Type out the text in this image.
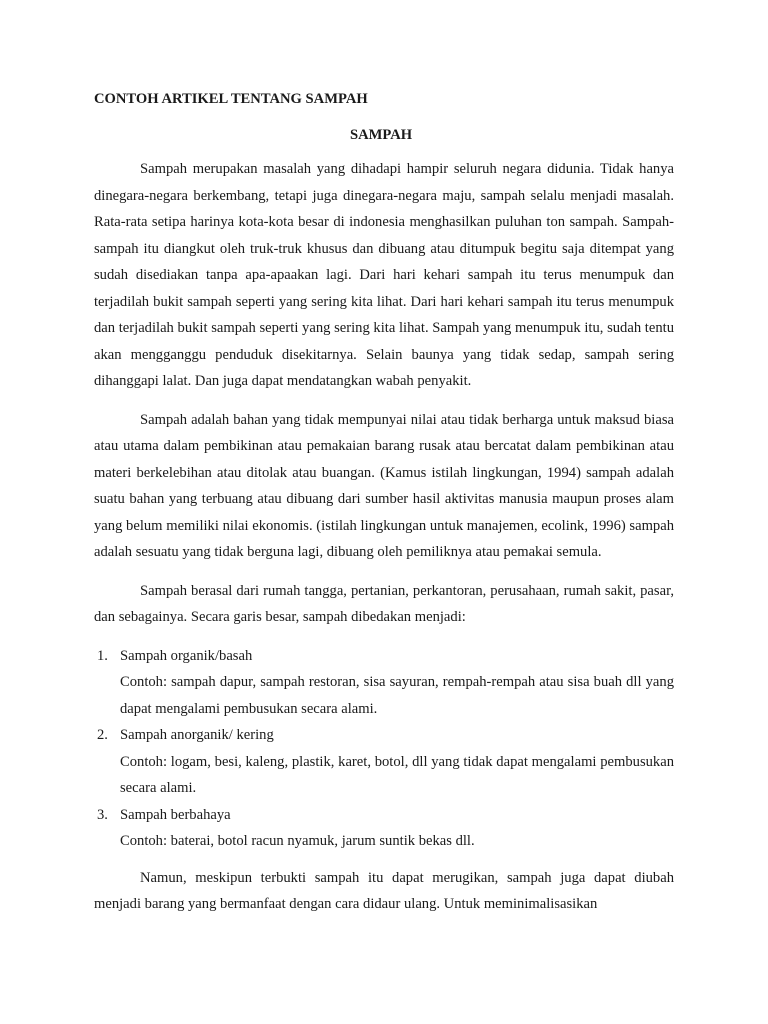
CONTOH ARTIKEL TENTANG SAMPAH
SAMPAH

Sampah merupakan masalah yang dihadapi hampir seluruh negara didunia. Tidak hanya dinegara-negara berkembang, tetapi juga dinegara-negara maju, sampah selalu menjadi masalah. Rata-rata setipa harinya kota-kota besar di indonesia menghasilkan puluhan ton sampah. Sampah-sampah itu diangkut oleh truk-truk khusus dan dibuang atau ditumpuk begitu saja ditempat yang sudah disediakan tanpa apa-apaakan lagi. Dari hari kehari sampah itu terus menumpuk dan terjadilah bukit sampah seperti yang sering kita lihat. Dari hari kehari sampah itu terus menumpuk dan terjadilah bukit sampah seperti yang sering kita lihat. Sampah yang menumpuk itu, sudah tentu akan mengganggu penduduk disekitarnya. Selain baunya yang tidak sedap, sampah sering dihanggapi lalat. Dan juga dapat mendatangkan wabah penyakit.

Sampah adalah bahan yang tidak mempunyai nilai atau tidak berharga untuk maksud biasa atau utama dalam pembikinan atau pemakaian barang rusak atau bercatat dalam pembikinan atau materi berkelebihan atau ditolak atau buangan. (Kamus istilah lingkungan, 1994) sampah adalah suatu bahan yang terbuang atau dibuang dari sumber hasil aktivitas manusia maupun proses alam yang belum memiliki nilai ekonomis. (istilah lingkungan untuk manajemen, ecolink, 1996) sampah adalah sesuatu yang tidak berguna lagi, dibuang oleh pemiliknya atau pemakai semula.

Sampah berasal dari rumah tangga, pertanian, perkantoran, perusahaan, rumah sakit, pasar, dan sebagainya. Secara garis besar, sampah dibedakan menjadi:

1. Sampah organik/basah
Contoh: sampah dapur, sampah restoran, sisa sayuran, rempah-rempah atau sisa buah dll yang dapat mengalami pembusukan secara alami.
2. Sampah anorganik/ kering
Contoh: logam, besi, kaleng, plastik, karet, botol, dll yang tidak dapat mengalami pembusukan secara alami.
3. Sampah berbahaya
Contoh: baterai, botol racun nyamuk, jarum suntik bekas dll.

Namun, meskipun terbukti sampah itu dapat merugikan, sampah juga dapat diubah menjadi barang yang bermanfaat dengan cara didaur ulang. Untuk meminimalisasikan
